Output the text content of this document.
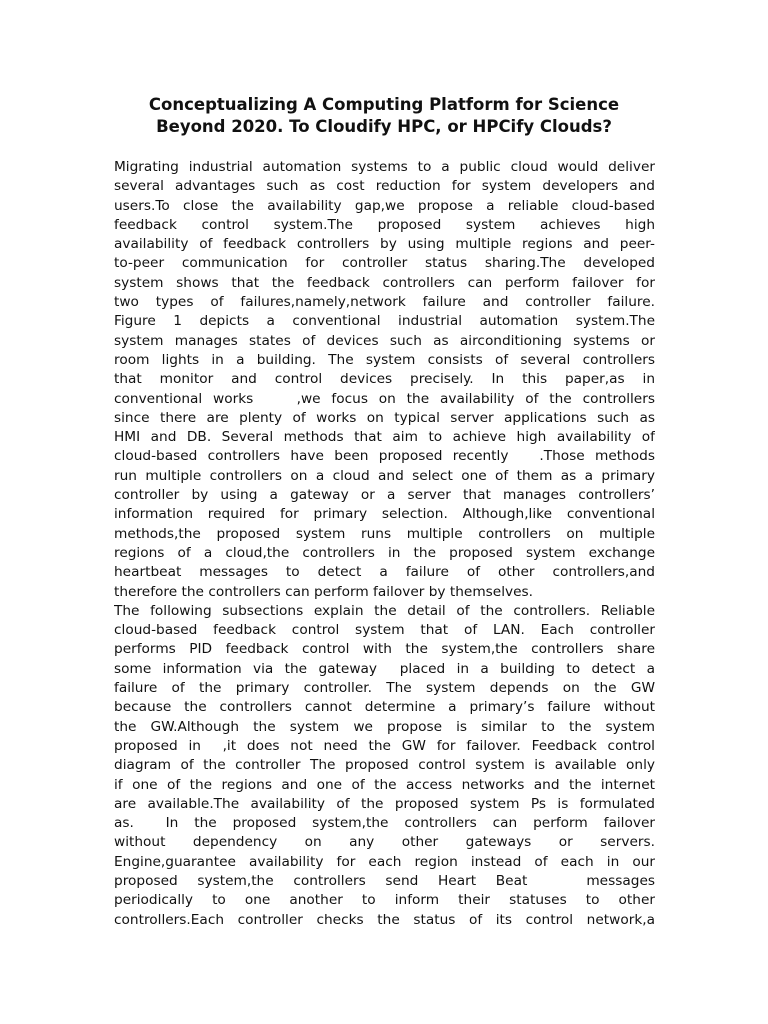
Conceptualizing A Computing Platform for Science
Beyond 2020. To Cloudify HPC, or HPCify Clouds?

Migrating industrial automation systems to a public cloud would deliver
several advantages such as cost reduction for system developers and
users.To close the availability gap,we propose a reliable cloud-based
feedback control system.The proposed system achieves high
availability of feedback controllers by using multiple regions and peer-
to-peer communication for controller status sharing.The developed
system shows that the feedback controllers can perform failover for
two types of failures,namely,network failure and controller failure.
Figure 1 depicts a conventional industrial automation system.The
system manages states of devices such as airconditioning systems or
room lights in a building. The system consists of several controllers
that monitor and control devices precisely. In this paper,as in
conventional works    ,we focus on the availability of the controllers
since there are plenty of works on typical server applications such as
HMI and DB. Several methods that aim to achieve high availability of
cloud-based controllers have been proposed recently   .Those methods
run multiple controllers on a cloud and select one of them as a primary
controller by using a gateway or a server that manages controllers’
information required for primary selection. Although,like conventional
methods,the proposed system runs multiple controllers on multiple
regions of a cloud,the controllers in the proposed system exchange
heartbeat messages to detect a failure of other controllers,and
therefore the controllers can perform failover by themselves.

The following subsections explain the detail of the controllers. Reliable
cloud-based feedback control system that of LAN. Each controller
performs PID feedback control with the system,the controllers share
some information via the gateway  placed in a building to detect a
failure of the primary controller. The system depends on the GW
because the controllers cannot determine a primary’s failure without
the GW.Although the system we propose is similar to the system
proposed in  ,it does not need the GW for failover. Feedback control
diagram of the controller The proposed control system is available only
if one of the regions and one of the access networks and the internet
are available.The availability of the proposed system Ps is formulated
as.  In the proposed system,the controllers can perform failover
without dependency on any other gateways or servers.
Engine,guarantee availability for each region instead of each in our
proposed system,the controllers send Heart Beat   messages
periodically to one another to inform their statuses to other
controllers.Each controller checks the status of its control network,a
